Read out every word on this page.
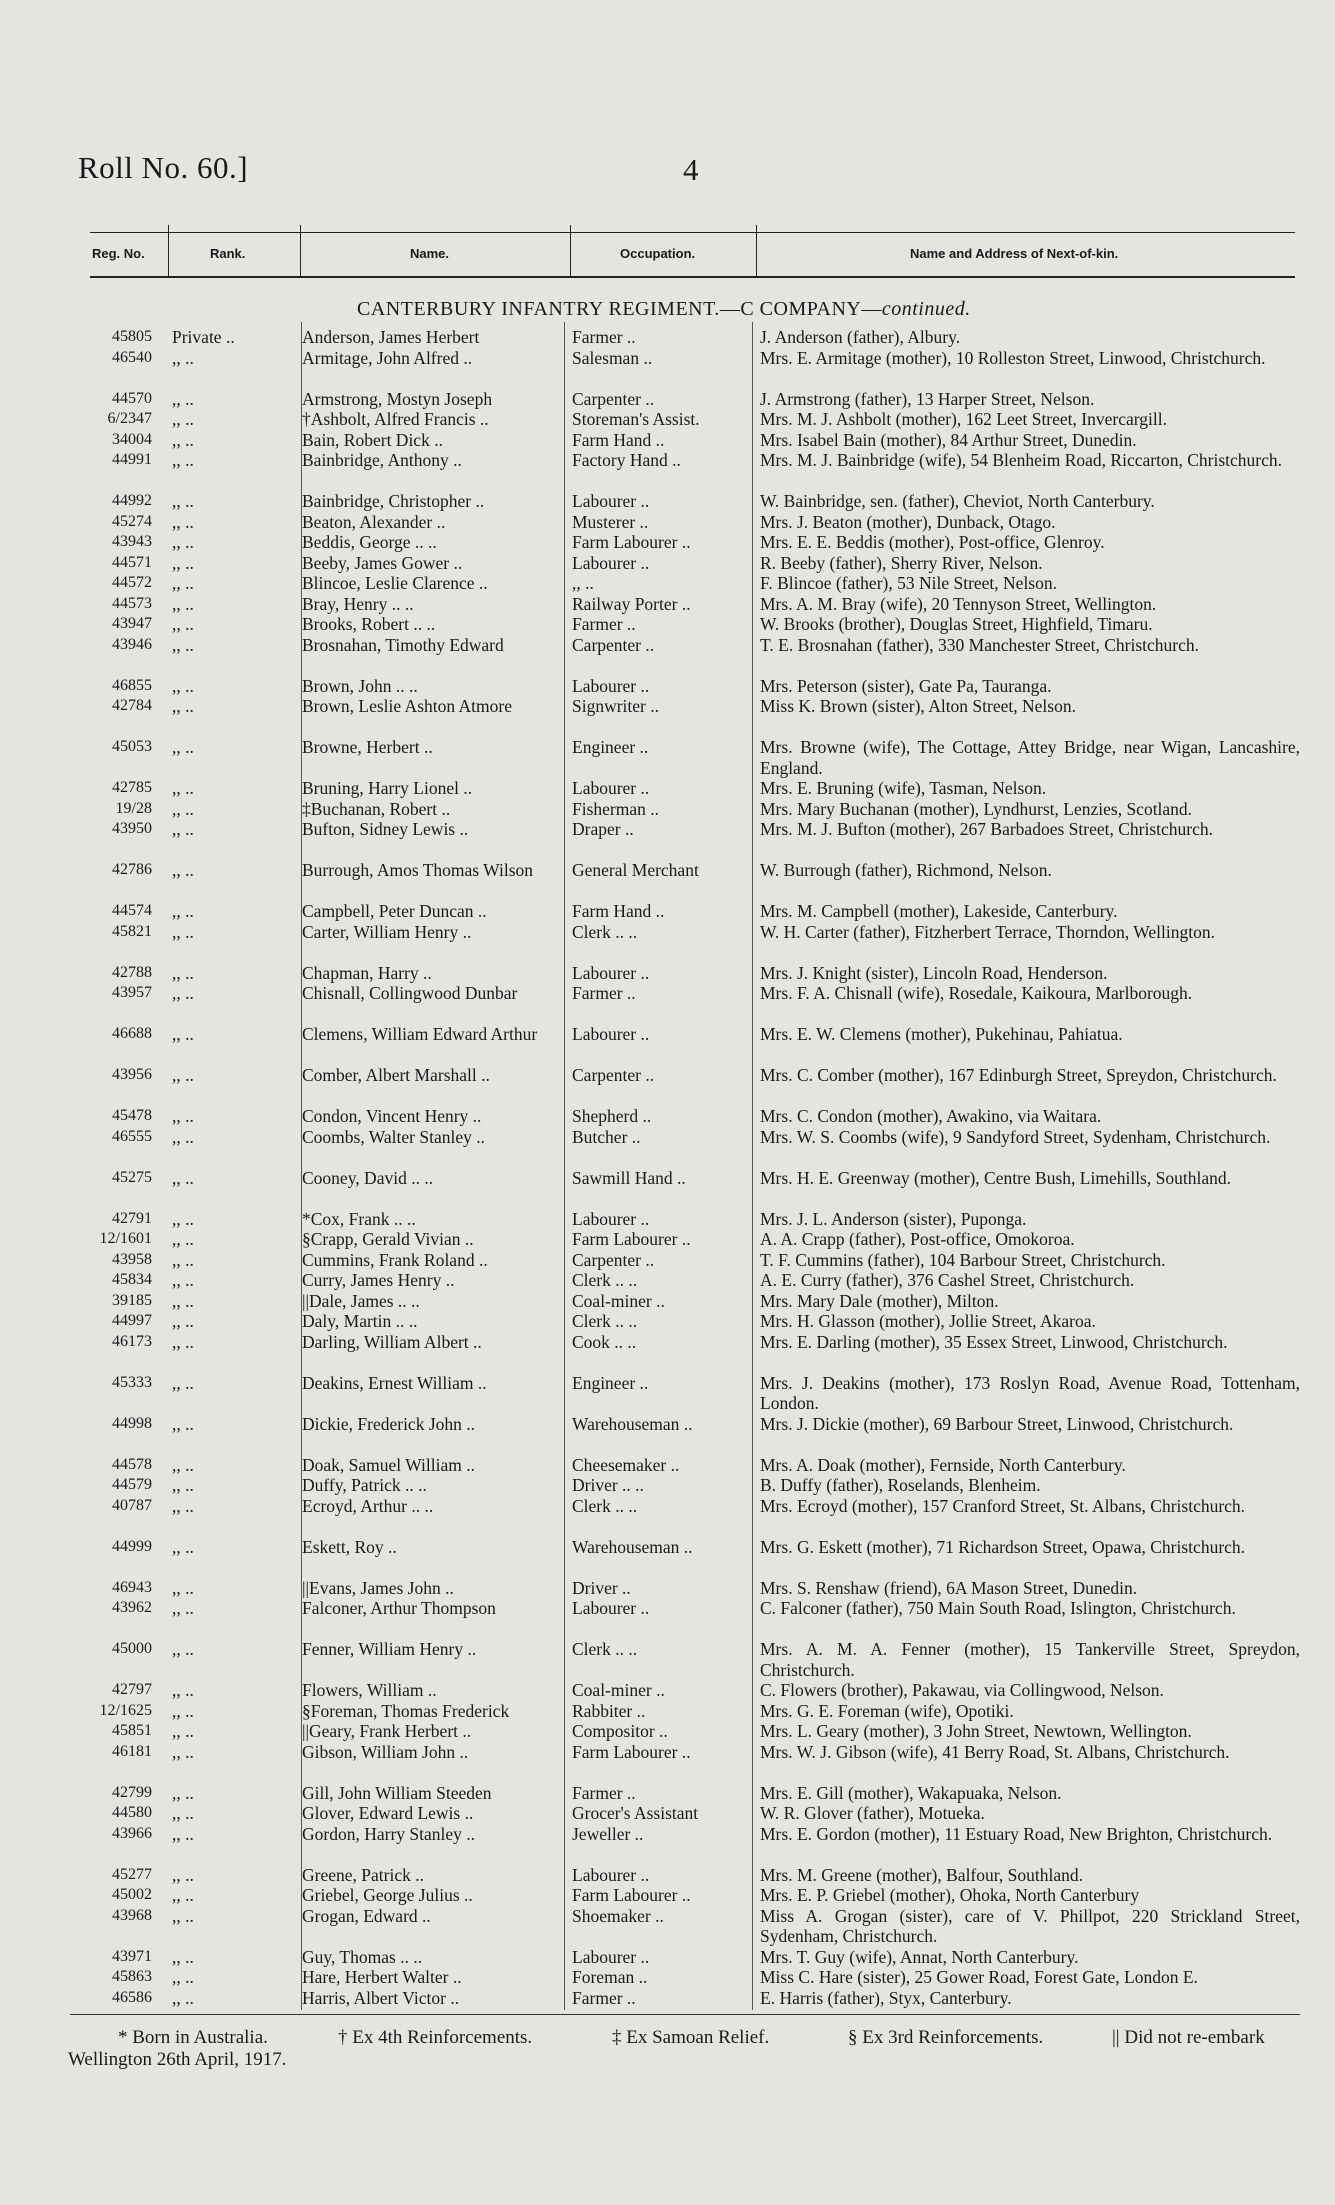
Roll No. 60.]	4
Reg. No.	Rank.	Name.	Occupation.	Name and Address of Next-of-kin.
CANTERBURY INFANTRY REGIMENT.—C COMPANY—continued.
45805 Private ..	Anderson, James Herbert	Farmer ..	J. Anderson (father), Albury.
46540 ,, ..	Armitage, John Alfred ..	Salesman ..	Mrs. E. Armitage (mother), 10 Rolleston Street, Linwood, Christchurch.
44570 ,, ..	Armstrong, Mostyn Joseph	Carpenter ..	J. Armstrong (father), 13 Harper Street, Nelson.
6/2347 ,, ..	†Ashbolt, Alfred Francis ..	Storeman's Assist.	Mrs. M. J. Ashbolt (mother), 162 Leet Street, Invercargill.
34004 ,, ..	Bain, Robert Dick ..	Farm Hand ..	Mrs. Isabel Bain (mother), 84 Arthur Street, Dunedin.
44991 ,, ..	Bainbridge, Anthony ..	Factory Hand ..	Mrs. M. J. Bainbridge (wife), 54 Blenheim Road, Riccarton, Christchurch.
44992 ,, ..	Bainbridge, Christopher ..	Labourer ..	W. Bainbridge, sen. (father), Cheviot, North Canterbury.
45274 ,, ..	Beaton, Alexander ..	Musterer ..	Mrs. J. Beaton (mother), Dunback, Otago.
43943 ,, ..	Beddis, George .. ..	Farm Labourer ..	Mrs. E. E. Beddis (mother), Post-office, Glenroy.
44571 ,, ..	Beeby, James Gower ..	Labourer ..	R. Beeby (father), Sherry River, Nelson.
44572 ,, ..	Blincoe, Leslie Clarence ..	,, ..	F. Blincoe (father), 53 Nile Street, Nelson.
44573 ,, ..	Bray, Henry .. ..	Railway Porter ..	Mrs. A. M. Bray (wife), 20 Tennyson Street, Wellington.
43947 ,, ..	Brooks, Robert .. ..	Farmer ..	W. Brooks (brother), Douglas Street, Highfield, Timaru.
43946 ,, ..	Brosnahan, Timothy Edward	Carpenter ..	T. E. Brosnahan (father), 330 Manchester Street, Christchurch.
46855 ,, ..	Brown, John .. ..	Labourer ..	Mrs. Peterson (sister), Gate Pa, Tauranga.
42784 ,, ..	Brown, Leslie Ashton Atmore	Signwriter ..	Miss K. Brown (sister), Alton Street, Nelson.
45053 ,, ..	Browne, Herbert ..	Engineer ..	Mrs. Browne (wife), The Cottage, Attey Bridge, near Wigan, Lancashire, England.
42785 ,, ..	Bruning, Harry Lionel ..	Labourer ..	Mrs. E. Bruning (wife), Tasman, Nelson.
19/28 ,, ..	‡Buchanan, Robert ..	Fisherman ..	Mrs. Mary Buchanan (mother), Lyndhurst, Lenzies, Scotland.
43950 ,, ..	Bufton, Sidney Lewis ..	Draper ..	Mrs. M. J. Bufton (mother), 267 Barbadoes Street, Christchurch.
42786 ,, ..	Burrough, Amos Thomas Wilson	General Merchant	W. Burrough (father), Richmond, Nelson.
44574 ,, ..	Campbell, Peter Duncan ..	Farm Hand ..	Mrs. M. Campbell (mother), Lakeside, Canterbury.
45821 ,, ..	Carter, William Henry ..	Clerk .. ..	W. H. Carter (father), Fitzherbert Terrace, Thorndon, Wellington.
42788 ,, ..	Chapman, Harry ..	Labourer ..	Mrs. J. Knight (sister), Lincoln Road, Henderson.
43957 ,, ..	Chisnall, Collingwood Dunbar	Farmer ..	Mrs. F. A. Chisnall (wife), Rosedale, Kaikoura, Marlborough.
46688 ,, ..	Clemens, William Edward Arthur	Labourer ..	Mrs. E. W. Clemens (mother), Pukehinau, Pahiatua.
43956 ,, ..	Comber, Albert Marshall ..	Carpenter ..	Mrs. C. Comber (mother), 167 Edinburgh Street, Spreydon, Christchurch.
45478 ,, ..	Condon, Vincent Henry ..	Shepherd ..	Mrs. C. Condon (mother), Awakino, via Waitara.
46555 ,, ..	Coombs, Walter Stanley ..	Butcher ..	Mrs. W. S. Coombs (wife), 9 Sandyford Street, Sydenham, Christchurch.
45275 ,, ..	Cooney, David .. ..	Sawmill Hand ..	Mrs. H. E. Greenway (mother), Centre Bush, Limehills, Southland.
42791 ,, ..	*Cox, Frank .. ..	Labourer ..	Mrs. J. L. Anderson (sister), Puponga.
12/1601 ,, ..	§Crapp, Gerald Vivian ..	Farm Labourer ..	A. A. Crapp (father), Post-office, Omokoroa.
43958 ,, ..	Cummins, Frank Roland ..	Carpenter ..	T. F. Cummins (father), 104 Barbour Street, Christchurch.
45834 ,, ..	Curry, James Henry ..	Clerk .. ..	A. E. Curry (father), 376 Cashel Street, Christchurch.
39185 ,, ..	||Dale, James .. ..	Coal-miner ..	Mrs. Mary Dale (mother), Milton.
44997 ,, ..	Daly, Martin .. ..	Clerk .. ..	Mrs. H. Glasson (mother), Jollie Street, Akaroa.
46173 ,, ..	Darling, William Albert ..	Cook .. ..	Mrs. E. Darling (mother), 35 Essex Street, Linwood, Christchurch.
45333 ,, ..	Deakins, Ernest William ..	Engineer ..	Mrs. J. Deakins (mother), 173 Roslyn Road, Avenue Road, Tottenham, London.
44998 ,, ..	Dickie, Frederick John ..	Warehouseman ..	Mrs. J. Dickie (mother), 69 Barbour Street, Linwood, Christchurch.
44578 ,, ..	Doak, Samuel William ..	Cheesemaker ..	Mrs. A. Doak (mother), Fernside, North Canterbury.
44579 ,, ..	Duffy, Patrick .. ..	Driver .. ..	B. Duffy (father), Roselands, Blenheim.
40787 ,, ..	Ecroyd, Arthur .. ..	Clerk .. ..	Mrs. Ecroyd (mother), 157 Cranford Street, St. Albans, Christchurch.
44999 ,, ..	Eskett, Roy ..	Warehouseman ..	Mrs. G. Eskett (mother), 71 Richardson Street, Opawa, Christchurch.
46943 ,, ..	||Evans, James John ..	Driver ..	Mrs. S. Renshaw (friend), 6A Mason Street, Dunedin.
43962 ,, ..	Falconer, Arthur Thompson	Labourer ..	C. Falconer (father), 750 Main South Road, Islington, Christchurch.
45000 ,, ..	Fenner, William Henry ..	Clerk .. ..	Mrs. A. M. A. Fenner (mother), 15 Tankerville Street, Spreydon, Christchurch.
42797 ,, ..	Flowers, William ..	Coal-miner ..	C. Flowers (brother), Pakawau, via Collingwood, Nelson.
12/1625 ,, ..	§Foreman, Thomas Frederick	Rabbiter ..	Mrs. G. E. Foreman (wife), Opotiki.
45851 ,, ..	||Geary, Frank Herbert ..	Compositor ..	Mrs. L. Geary (mother), 3 John Street, Newtown, Wellington.
46181 ,, ..	Gibson, William John ..	Farm Labourer ..	Mrs. W. J. Gibson (wife), 41 Berry Road, St. Albans, Christchurch.
42799 ,, ..	Gill, John William Steeden	Farmer ..	Mrs. E. Gill (mother), Wakapuaka, Nelson.
44580 ,, ..	Glover, Edward Lewis ..	Grocer's Assistant	W. R. Glover (father), Motueka.
43966 ,, ..	Gordon, Harry Stanley ..	Jeweller ..	Mrs. E. Gordon (mother), 11 Estuary Road, New Brighton, Christchurch.
45277 ,, ..	Greene, Patrick ..	Labourer ..	Mrs. M. Greene (mother), Balfour, Southland.
45002 ,, ..	Griebel, George Julius ..	Farm Labourer ..	Mrs. E. P. Griebel (mother), Ohoka, North Canterbury
43968 ,, ..	Grogan, Edward ..	Shoemaker ..	Miss A. Grogan (sister), care of V. Phillpot, 220 Strickland Street, Sydenham, Christchurch.
43971 ,, ..	Guy, Thomas .. ..	Labourer ..	Mrs. T. Guy (wife), Annat, North Canterbury.
45863 ,, ..	Hare, Herbert Walter ..	Foreman ..	Miss C. Hare (sister), 25 Gower Road, Forest Gate, London E.
46586 ,, ..	Harris, Albert Victor ..	Farmer ..	E. Harris (father), Styx, Canterbury.
* Born in Australia.	† Ex 4th Reinforcements.	‡ Ex Samoan Relief.	§ Ex 3rd Reinforcements.	|| Did not re-embark
Wellington 26th April, 1917.
